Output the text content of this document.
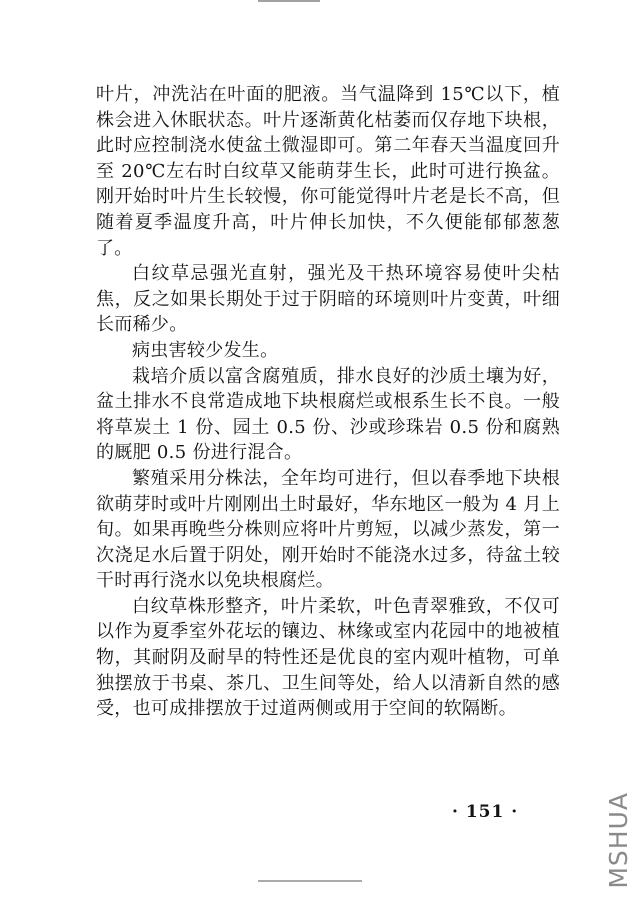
叶片，冲洗沾在叶面的肥液。当气温降到 15℃以下，植株会进入休眠状态。叶片逐渐黄化枯萎而仅存地下块根，此时应控制浇水使盆土微湿即可。第二年春天当温度回升至 20℃左右时白纹草又能萌芽生长，此时可进行换盆。刚开始时叶片生长较慢，你可能觉得叶片老是长不高，但随着夏季温度升高，叶片伸长加快，不久便能郁郁葱葱了。

白纹草忌强光直射，强光及干热环境容易使叶尖枯焦，反之如果长期处于过于阴暗的环境则叶片变黄，叶细长而稀少。

病虫害较少发生。

栽培介质以富含腐殖质，排水良好的沙质土壤为好，盆土排水不良常造成地下块根腐烂或根系生长不良。一般将草炭土 1 份、园土 0.5 份、沙或珍珠岩 0.5 份和腐熟的厩肥 0.5 份进行混合。

繁殖采用分株法，全年均可进行，但以春季地下块根欲萌芽时或叶片刚刚出土时最好，华东地区一般为 4 月上旬。如果再晚些分株则应将叶片剪短，以减少蒸发，第一次浇足水后置于阴处，刚开始时不能浇水过多，待盆土较干时再行浇水以免块根腐烂。

白纹草株形整齐，叶片柔软，叶色青翠雅致，不仅可以作为夏季室外花坛的镶边、林缘或室内花园中的地被植物，其耐阴及耐旱的特性还是优良的室内观叶植物，可单独摆放于书桌、茶几、卫生间等处，给人以清新自然的感受，也可成排摆放于过道两侧或用于空间的软隔断。

· 151 ·	MSHUA
